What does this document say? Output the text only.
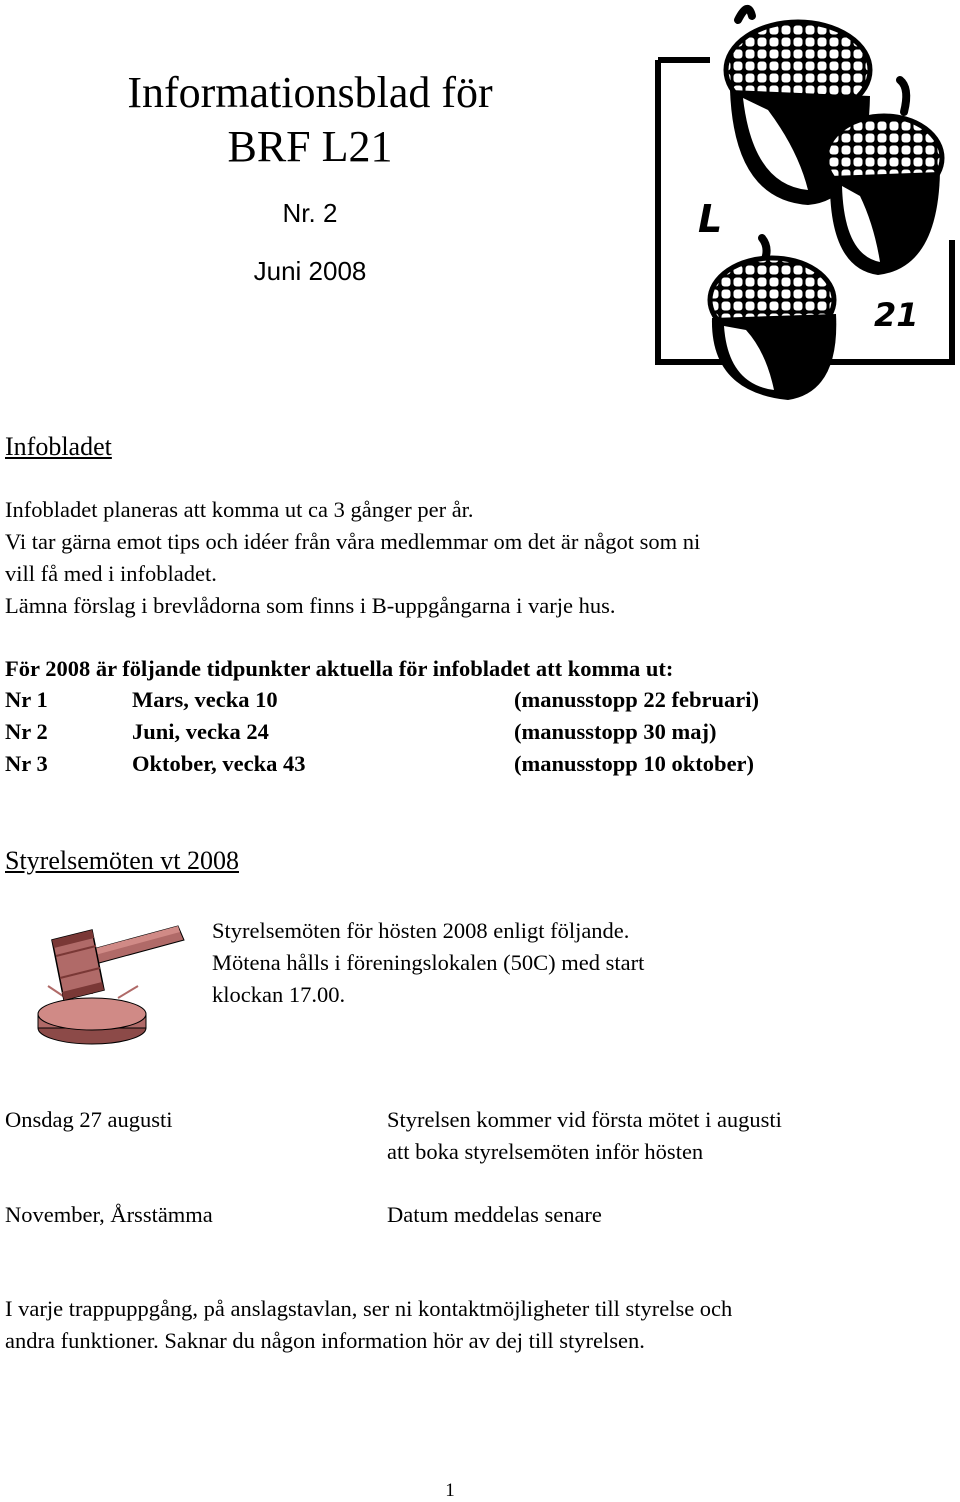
Informationsblad för
BRF L21
Nr. 2
Juni 2008
L
21
Infobladet
Infobladet planeras att komma ut ca 3 gånger per år.
Vi tar gärna emot tips och idéer från våra medlemmar om det är något som ni
vill få med i infobladet.
Lämna förslag i brevlådorna som finns i B-uppgångarna i varje hus.
För 2008 är följande tidpunkter aktuella för infobladet att komma ut:
Nr 1	Mars, vecka 10	(manusstopp 22 februari)
Nr 2	Juni, vecka 24	(manusstopp 30 maj)
Nr 3	Oktober, vecka 43	(manusstopp 10 oktober)
Styrelsemöten vt 2008
Styrelsemöten för hösten 2008 enligt följande.
Mötena hålls i föreningslokalen (50C) med start
klockan 17.00.
Onsdag 27 augusti	Styrelsen kommer vid första mötet i augusti
att boka styrelsemöten inför hösten
November, Årsstämma	Datum meddelas senare
I varje trappuppgång, på anslagstavlan, ser ni kontaktmöjligheter till styrelse och
andra funktioner. Saknar du någon information hör av dej till styrelsen.
1
